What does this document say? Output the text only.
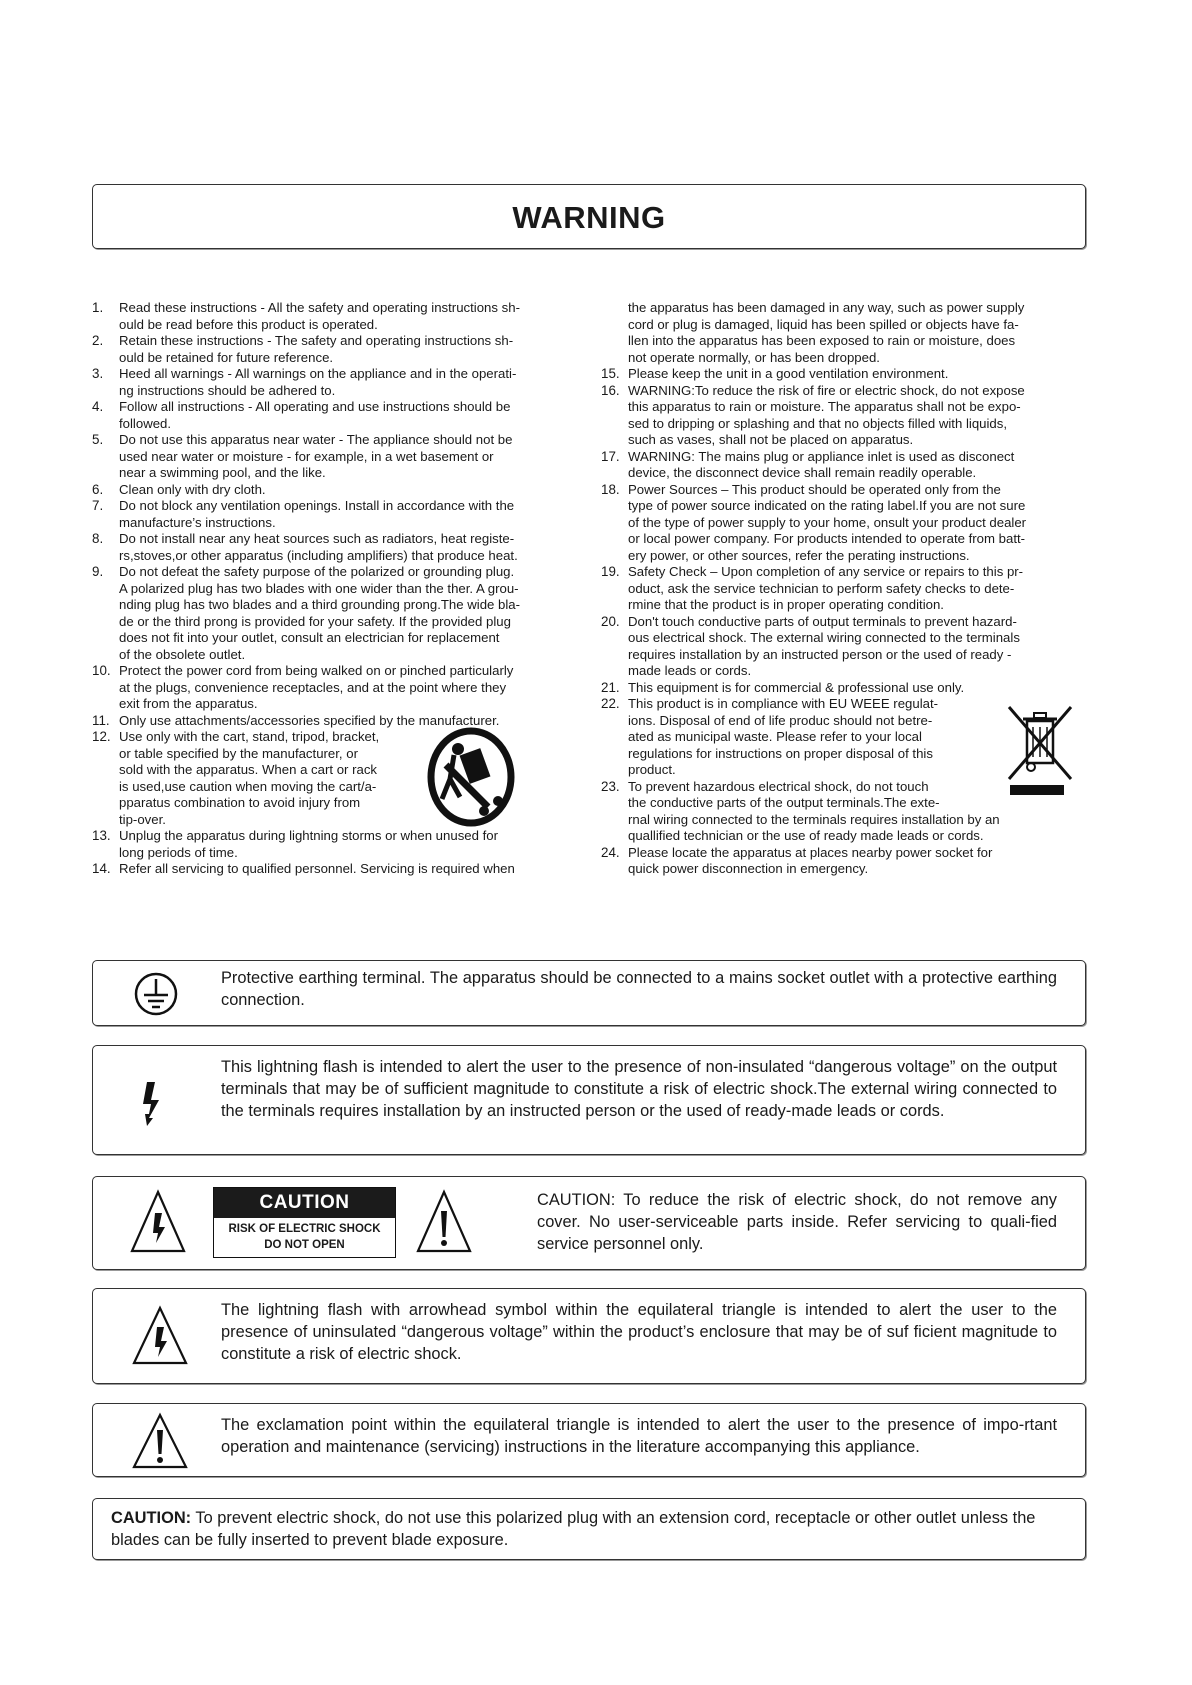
WARNING
1.	Read these instructions - All the safety and operating instructions sh-
ould be read before this product is operated.
2.	Retain these instructions - The safety and operating instructions sh-
ould be retained for future reference.
3.	Heed all warnings - All warnings on the appliance and in the operati-
ng instructions should be adhered to.
4.	Follow all instructions - All operating and use instructions should be
followed.
5.	Do not use this apparatus near water - The appliance should not be
used near water or moisture - for example, in a wet basement or
near a swimming pool, and the like.
6.	Clean only with dry cloth.
7.	Do not block any ventilation openings. Install in accordance with the
manufacture’s instructions.
8.	Do not install near any heat sources such as radiators, heat registe-
rs,stoves,or other apparatus (including amplifiers) that produce heat.
9.	Do not defeat the safety purpose of the polarized or grounding plug.
A polarized plug has two blades with one wider than the ther. A grou-
nding plug has two blades and a third grounding prong.The wide bla-
de or the third prong is provided for your safety. If the provided plug
does not fit into your outlet, consult an electrician for replacement
of the obsolete outlet.
10. Protect the power cord from being walked on or pinched particularly
at the plugs, convenience receptacles, and at the point where they
exit from the apparatus.
11. Only use attachments/accessories specified by the manufacturer.
12. Use only with the cart, stand, tripod, bracket,
or table specified by the manufacturer, or
sold with the apparatus. When a cart or rack
is used,use caution when moving the cart/a-
pparatus combination to avoid injury from
tip-over.
13. Unplug the apparatus during lightning storms or when unused for
long periods of time.
14. Refer all servicing to qualified personnel. Servicing is required when
the apparatus has been damaged in any way, such as power supply
cord or plug is damaged, liquid has been spilled or objects have fa-
llen into the apparatus has been exposed to rain or moisture, does
not operate normally, or has been dropped.
15. Please keep the unit in a good ventilation environment.
16. WARNING:To reduce the risk of fire or electric shock, do not expose
this apparatus to rain or moisture. The apparatus shall not be expo-
sed to dripping or splashing and that no objects filled with liquids,
such as vases, shall not be placed on apparatus.
17. WARNING: The mains plug or appliance inlet is used as disconect
device, the disconnect device shall remain readily operable.
18. Power Sources – This product should be operated only from the
type of power source indicated on the rating label.If you are not sure
of the type of power supply to your home, onsult your product dealer
or local power company. For products intended to operate from batt-
ery power, or other sources, refer the perating instructions.
19. Safety Check – Upon completion of any service or repairs to this pr-
oduct, ask the service technician to perform safety checks to dete-
rmine that the product is in proper operating condition.
20. Don't touch conductive parts of output terminals to prevent hazard-
ous electrical shock. The external wiring connected to the terminals
requires installation by an instructed person or the used of ready -
made leads or cords.
21. This equipment is for commercial & professional use only.
22. This product is in compliance with EU WEEE regulat-
ions. Disposal of end of life produc should not betre-
ated as municipal waste. Please refer to your local
regulations for instructions on proper disposal of this
product.
23. To prevent hazardous electrical shock, do not touch
the conductive parts of the output terminals.The exte-
rnal wiring connected to the terminals requires installation by an
quallified technician or the use of ready made leads or cords.
24. Please locate the apparatus at places nearby power socket for
quick power disconnection in emergency.
Protective earthing terminal. The apparatus should be connected to a mains socket outlet with a protective earthing connection.
This lightning flash is intended to alert the user to the presence of non-insulated “dangerous voltage” on the output terminals that may be of sufficient magnitude to constitute a risk of electric shock.The external wiring connected to the terminals requires installation by an instructed person or the used of ready-made leads or cords.
CAUTION
RISK OF ELECTRIC SHOCK
DO NOT OPEN
CAUTION: To reduce the risk of electric shock, do not remove any cover. No user-serviceable parts inside. Refer servicing to quali-fied service personnel only.
The lightning flash with arrowhead symbol within the equilateral triangle is intended to alert the user to the presence of uninsulated “dangerous voltage” within the product’s enclosure that may be of suf ficient magnitude to constitute a risk of electric shock.
The exclamation point within the equilateral triangle is intended to alert the user to the presence of impo-rtant operation and maintenance (servicing) instructions in the literature accompanying this appliance.
CAUTION: To prevent electric shock, do not use this polarized plug with an extension cord, receptacle or other outlet unless the blades can be fully inserted to prevent blade exposure.
